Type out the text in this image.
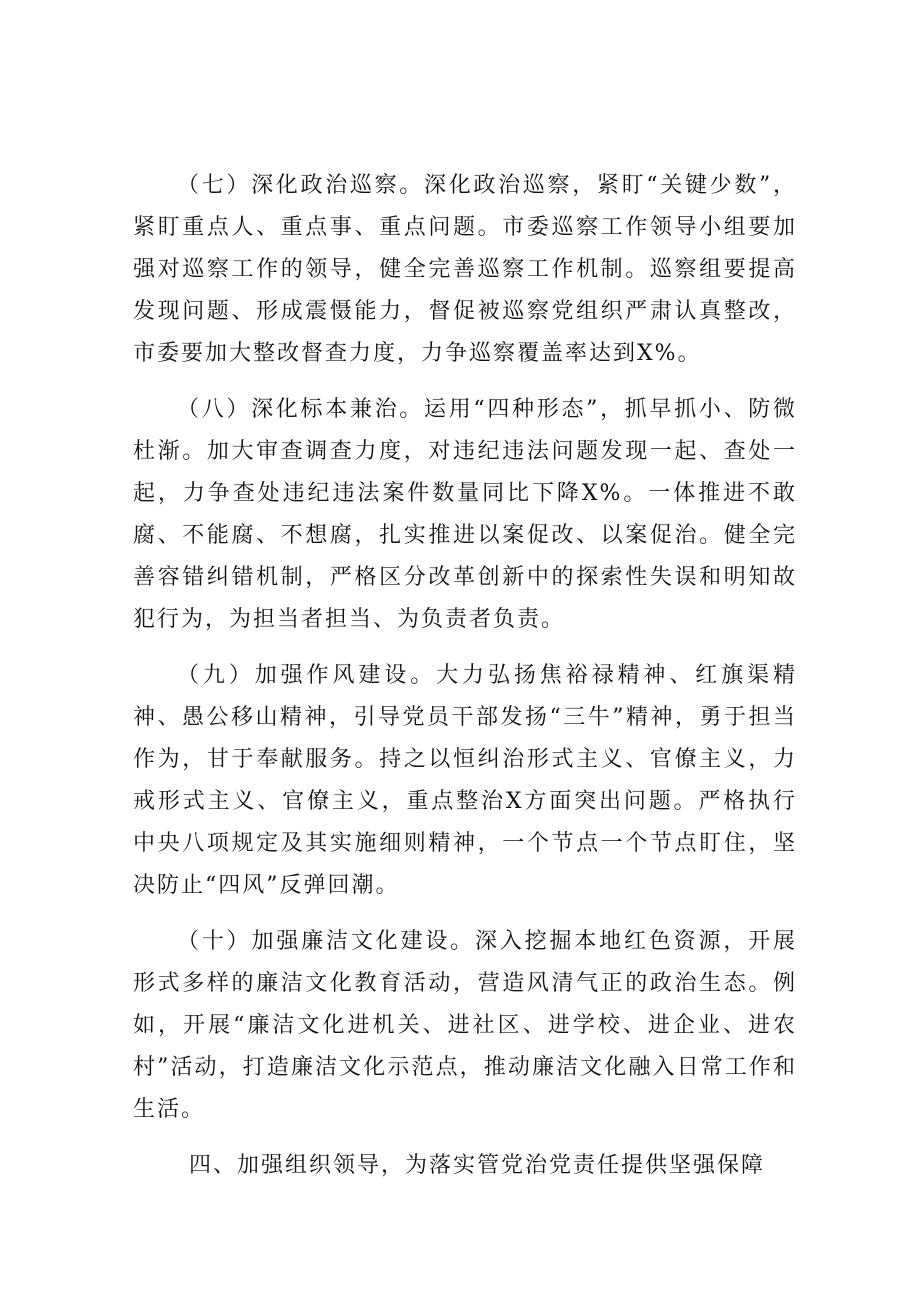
（七）深化政治巡察。深化政治巡察，紧盯“关键少数”，紧盯重点人、重点事、重点问题。市委巡察工作领导小组要加强对巡察工作的领导，健全完善巡察工作机制。巡察组要提高发现问题、形成震慑能力，督促被巡察党组织严肃认真整改，市委要加大整改督查力度，力争巡察覆盖率达到X%。

（八）深化标本兼治。运用“四种形态”，抓早抓小、防微杜渐。加大审查调查力度，对违纪违法问题发现一起、查处一起，力争查处违纪违法案件数量同比下降X%。一体推进不敢腐、不能腐、不想腐，扎实推进以案促改、以案促治。健全完善容错纠错机制，严格区分改革创新中的探索性失误和明知故犯行为，为担当者担当、为负责者负责。

（九）加强作风建设。大力弘扬焦裕禄精神、红旗渠精神、愚公移山精神，引导党员干部发扬“三牛”精神，勇于担当作为，甘于奉献服务。持之以恒纠治形式主义、官僚主义，力戒形式主义、官僚主义，重点整治X方面突出问题。严格执行中央八项规定及其实施细则精神，一个节点一个节点盯住，坚决防止“四风”反弹回潮。

（十）加强廉洁文化建设。深入挖掘本地红色资源，开展形式多样的廉洁文化教育活动，营造风清气正的政治生态。例如，开展“廉洁文化进机关、进社区、进学校、进企业、进农村”活动，打造廉洁文化示范点，推动廉洁文化融入日常工作和生活。

四、加强组织领导，为落实管党治党责任提供坚强保障
